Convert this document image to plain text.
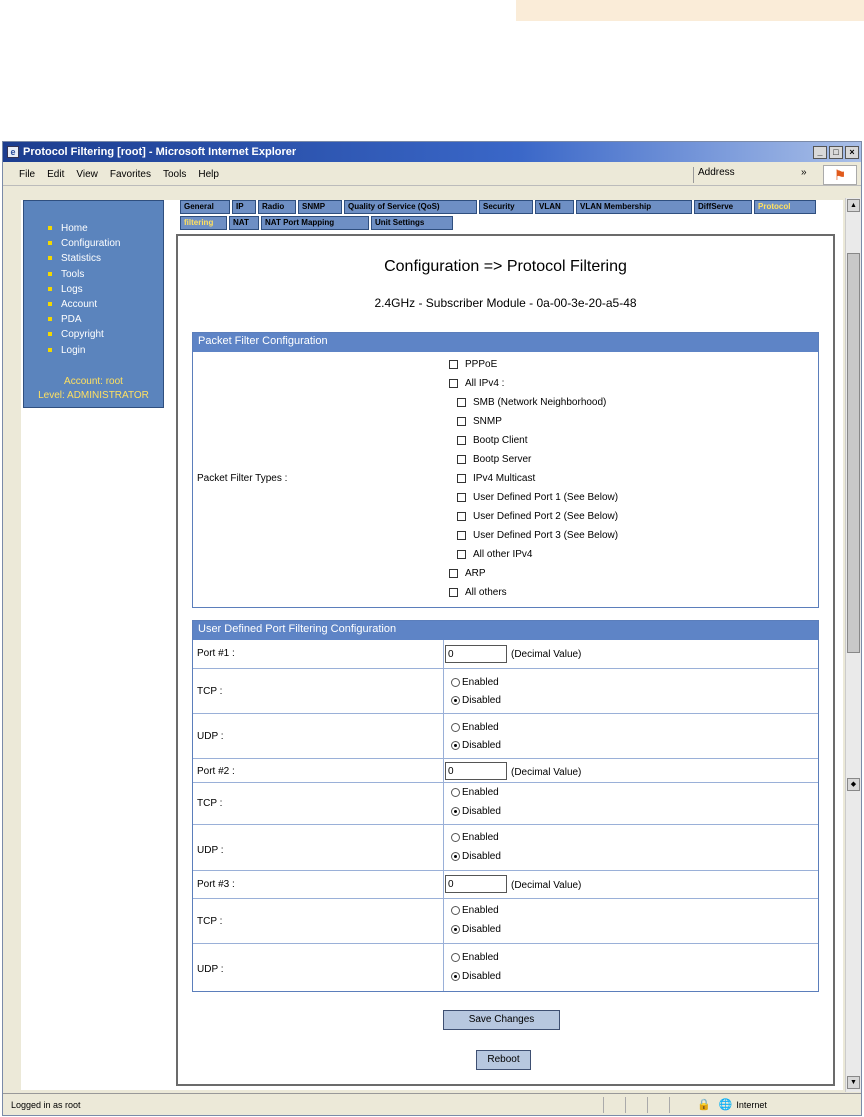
e Protocol Filtering [root] - Microsoft Internet Explorer	_	□	×
File Edit View Favorites Tools Help	Address	»	⚑
Home
Configuration
Statistics
Tools
Logs
Account
PDA
Copyright
Login
Account: root
Level: ADMINISTRATOR
General	IP	Radio	SNMP	Quality of Service (QoS)	Security	VLAN	VLAN Membership	DiffServe	Protocol
filtering	NAT	NAT Port Mapping	Unit Settings
Configuration => Protocol Filtering
2.4GHz - Subscriber Module - 0a-00-3e-20-a5-48
Packet Filter Configuration
Packet Filter Types :
PPPoE
All IPv4 :
SMB (Network Neighborhood)
SNMP
Bootp Client
Bootp Server
IPv4 Multicast
User Defined Port 1 (See Below)
User Defined Port 2 (See Below)
User Defined Port 3 (See Below)
All other IPv4
ARP
All others
User Defined Port Filtering Configuration
Port #1 :
0	(Decimal Value)
TCP :
Enabled
Disabled
UDP :
Enabled
Disabled
Port #2 :
0	(Decimal Value)
TCP :
Enabled
Disabled
UDP :
Enabled
Disabled
Port #3 :
0	(Decimal Value)
TCP :
Enabled
Disabled
UDP :
Enabled
Disabled
Save Changes
Reboot
▲
◆
▼
Logged in as root	🔒 🌐 Internet
